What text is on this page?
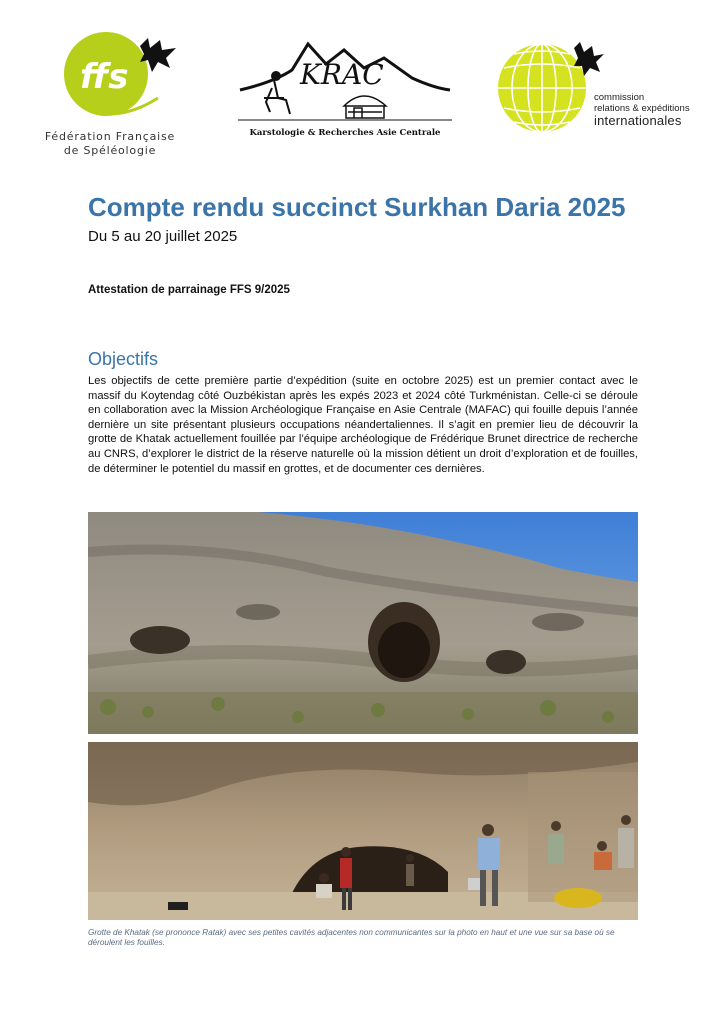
ffs
Fédération Française
de Spéléologie
KRAC
Karstologie & Recherches Asie Centrale
commission
relations & expéditions
internationales
Compte rendu succinct Surkhan Daria 2025
Du 5 au 20 juillet 2025
Attestation de parrainage FFS 9/2025
Objectifs

Les objectifs de cette première partie d’expédition (suite en octobre 2025) est un premier contact avec le massif du Koytendag côté Ouzbékistan après les expés 2023 et 2024 côté Turkménistan. Celle-ci se déroule en collaboration avec la Mission Archéologique Française en Asie Centrale (MAFAC) qui fouille depuis l’année dernière un site présentant plusieurs occupations néandertaliennes. Il s’agit en premier lieu de découvrir la grotte de Khatak actuellement fouillée par l’équipe archéologique de Frédérique Brunet directrice de recherche au CNRS, d’explorer le district de la réserve naturelle où la mission détient un droit d’exploration et de fouilles, de déterminer le potentiel du massif en grottes, et de documenter ces dernières.

Grotte de Khatak (se prononce Ratak) avec ses petites cavités adjacentes non communicantes sur la photo en haut et une vue sur sa base où se déroulent les fouilles.
